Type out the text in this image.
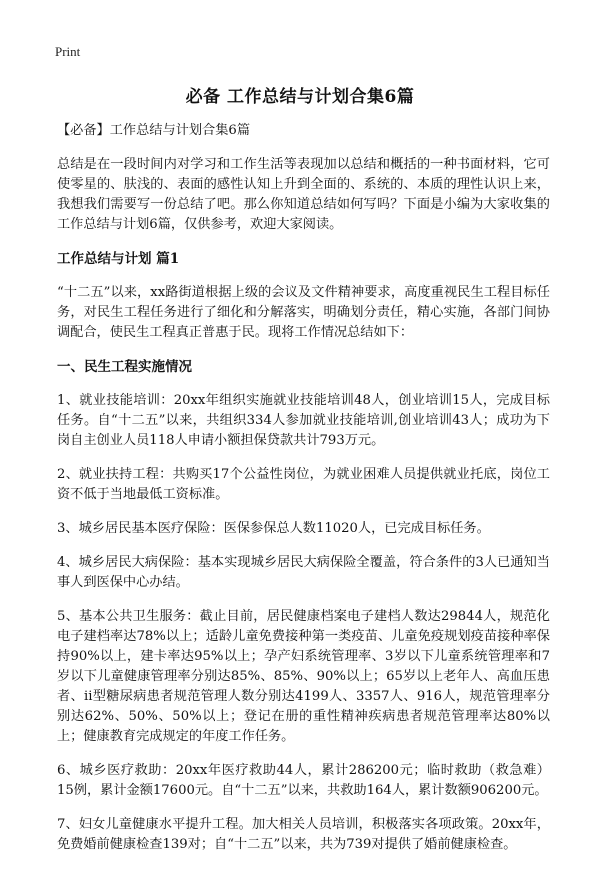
Print
必备 工作总结与计划合集6篇

【必备】工作总结与计划合集6篇

总结是在一段时间内对学习和工作生活等表现加以总结和概括的一种书面材料，它可使零星的、肤浅的、表面的感性认知上升到全面的、系统的、本质的理性认识上来，我想我们需要写一份总结了吧。那么你知道总结如何写吗？下面是小编为大家收集的工作总结与计划6篇，仅供参考，欢迎大家阅读。

工作总结与计划 篇1

“十二五”以来，xx路街道根据上级的会议及文件精神要求，高度重视民生工程目标任务，对民生工程任务进行了细化和分解落实，明确划分责任，精心实施，各部门间协调配合，使民生工程真正普惠于民。现将工作情况总结如下：

一、民生工程实施情况

1、就业技能培训：20xx年组织实施就业技能培训48人，创业培训15人，完成目标任务。自“十二五”以来，共组织334人参加就业技能培训,创业培训43人；成功为下岗自主创业人员118人申请小额担保贷款共计793万元。

2、就业扶持工程：共购买17个公益性岗位，为就业困难人员提供就业托底，岗位工资不低于当地最低工资标准。

3、城乡居民基本医疗保险：医保参保总人数11020人，已完成目标任务。

4、城乡居民大病保险：基本实现城乡居民大病保险全覆盖，符合条件的3人已通知当事人到医保中心办结。

5、基本公共卫生服务：截止目前，居民健康档案电子建档人数达29844人，规范化电子建档率达78%以上；适龄儿童免费接种第一类疫苗、儿童免疫规划疫苗接种率保持90%以上，建卡率达95%以上；孕产妇系统管理率、3岁以下儿童系统管理率和7岁以下儿童健康管理率分别达85%、85%、90%以上；65岁以上老年人、高血压患者、ii型糖尿病患者规范管理人数分别达4199人、3357人、916人，规范管理率分别达62%、50%、50%以上；登记在册的重性精神疾病患者规范管理率达80%以上；健康教育完成规定的年度工作任务。

6、城乡医疗救助：20xx年医疗救助44人，累计286200元；临时救助（救急难）15例，累计金额17600元。自“十二五”以来，共救助164人，累计数额906200元。

7、妇女儿童健康水平提升工程。加大相关人员培训，积极落实各项政策。20xx年，免费婚前健康检查139对；自“十二五”以来，共为739对提供了婚前健康检查。
